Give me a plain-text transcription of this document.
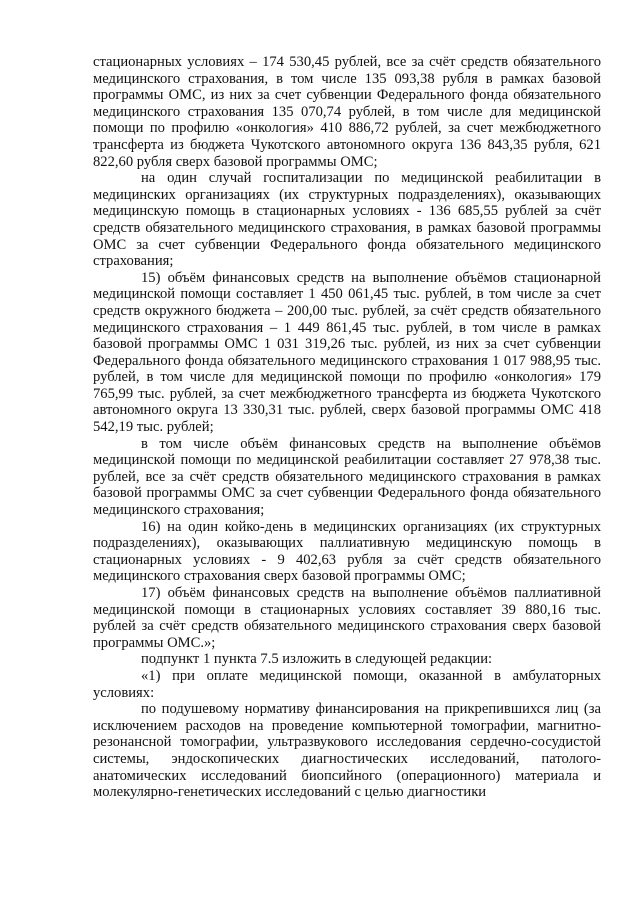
стационарных условиях – 174 530,45 рублей, все за счёт средств обязательного медицинского страхования, в том числе 135 093,38 рубля в рамках базовой программы ОМС, из них за счет субвенции Федерального фонда обязательного медицинского страхования 135 070,74 рублей, в том числе для медицинской помощи по профилю «онкология» 410 886,72 рублей, за счет межбюджетного трансферта из бюджета Чукотского автономного округа 136 843,35 рубля, 621 822,60 рубля сверх базовой программы ОМС;

на один случай госпитализации по медицинской реабилитации в медицинских организациях (их структурных подразделениях), оказывающих медицинскую помощь в стационарных условиях - 136 685,55 рублей за счёт средств обязательного медицинского страхования, в рамках базовой программы ОМС за счет субвенции Федерального фонда обязательного медицинского страхования;

15) объём финансовых средств на выполнение объёмов стационарной медицинской помощи составляет 1 450 061,45 тыс. рублей, в том числе за счет средств окружного бюджета – 200,00 тыс. рублей, за счёт средств обязательного медицинского страхования – 1 449 861,45 тыс. рублей, в том числе в рамках базовой программы ОМС 1 031 319,26 тыс. рублей, из них за счет субвенции Федерального фонда обязательного медицинского страхования 1 017 988,95 тыс. рублей, в том числе для медицинской помощи по профилю «онкология» 179 765,99 тыс. рублей, за счет межбюджетного трансферта из бюджета Чукотского автономного округа 13 330,31 тыс. рублей, сверх базовой программы ОМС 418 542,19 тыс. рублей;

в том числе объём финансовых средств на выполнение объёмов медицинской помощи по медицинской реабилитации составляет 27 978,38 тыс. рублей, все за счёт средств обязательного медицинского страхования в рамках базовой программы ОМС за счет субвенции Федерального фонда обязательного медицинского страхования;

16) на один койко-день в медицинских организациях (их структурных подразделениях), оказывающих паллиативную медицинскую помощь в стационарных условиях - 9 402,63 рубля за счёт средств обязательного медицинского страхования сверх базовой программы ОМС;

17) объём финансовых средств на выполнение объёмов паллиативной медицинской помощи в стационарных условиях составляет 39 880,16 тыс. рублей за счёт средств обязательного медицинского страхования сверх базовой программы ОМС.»;

подпункт 1 пункта 7.5 изложить в следующей редакции:

«1) при оплате медицинской помощи, оказанной в амбулаторных условиях:

по подушевому нормативу финансирования на прикрепившихся лиц (за исключением расходов на проведение компьютерной томографии, магнитно-резонансной томографии, ультразвукового исследования сердечно-сосудистой системы, эндоскопических диагностических исследований, патолого-анатомических исследований биопсийного (операционного) материала и молекулярно-генетических исследований с целью диагностики
